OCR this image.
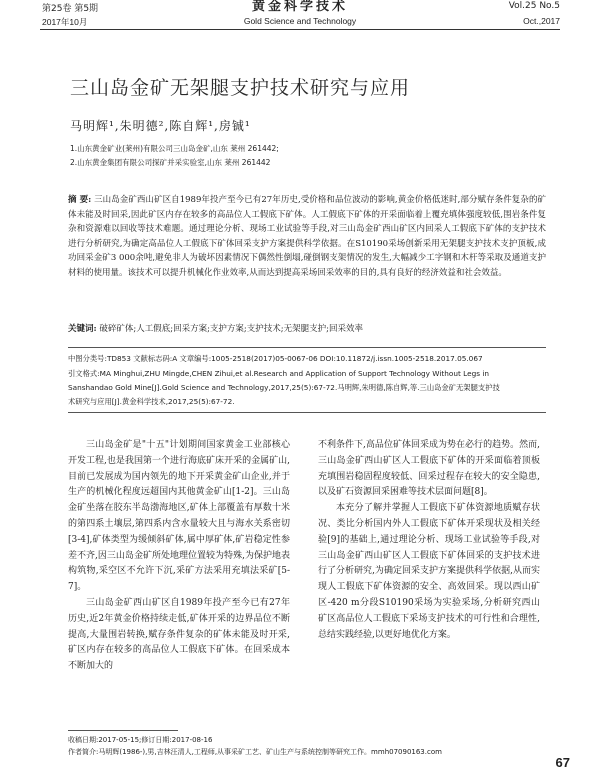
第25卷 第5期	黄金科学技术	Vol.25 No.5
2017年10月	Gold Science and Technology	Oct.,2017
三山岛金矿无架腿支护技术研究与应用
马明辉¹,朱明德²,陈自辉¹,房铖¹
1.山东黄金矿业(莱州)有限公司三山岛金矿,山东 莱州 261442;
2.山东黄金集团有限公司探矿并采实验室,山东 莱州 261442
摘 要: 三山岛金矿西山矿区自1989年投产至今已有27年历史,受价格和品位波动的影响,黄金价格低迷时,部分赋存条件复杂的矿体未能及时回采,因此矿区内存在较多的高品位人工假底下矿体。人工假底下矿体的开采面临着上覆充填体强度较低,围岩条件复杂和资源难以回收等技术难题。通过理论分析、现场工业试验等手段,对三山岛金矿西山矿区内回采人工假底下矿体的支护技术进行分析研究,为确定高品位人工假底下矿体回采支护方案提供科学依据。在S10190采场创新采用无架腿支护技术支护顶板,成功回采金矿3 000余吨,避免非人为破坏因素情况下偶然性倒塌,碰倒钢支架情况的发生,大幅减少工字钢和木杆等采取及通道支护材料的使用量。该技术可以提升机械化作业效率,从而达到提高采场回采效率的目的,具有良好的经济效益和社会效益。
关键词: 破碎矿体;人工假底;回采方案;支护方案;支护技术;无架腿支护;回采效率
中图分类号:TD853 文献标志码:A 文章编号:1005-2518(2017)05-0067-06 DOI:10.11872/j.issn.1005-2518.2017.05.067
引文格式:MA Minghui,ZHU Mingde,CHEN Zihui,et al.Research and Application of Support Technology Without Legs in
Sanshandao Gold Mine[J].Gold Science and Technology,2017,25(5):67-72.马明辉,朱明德,陈自辉,等.三山岛金矿无架腿支护技
术研究与应用[J].黄金科学技术,2017,25(5):67-72.

三山岛金矿是"十五"计划期间国家黄金工业部核心开发工程,也是我国第一个进行海底矿床开采的金属矿山,目前已发展成为国内领先的地下开采黄金矿山企业,并于生产的机械化程度远超国内其他黄金矿山[1-2]。三山岛金矿坐落在胶东半岛渤海地区,矿体上部覆盖有厚数十米的第四系土壤层,第四系内含水量较大且与海水关系密切[3-4],矿体类型为缓倾斜矿体,属中厚矿体,矿岩稳定性参差不齐,因三山岛金矿所处地理位置较为特殊,为保护地表构筑物,采空区不允许下沉,采矿方法采用充填法采矿[5-7]。

三山岛金矿西山矿区自1989年投产至今已有27年历史,近2年黄金价格持续走低,矿体开采的边界品位不断提高,大量围岩转换,赋存条件复杂的矿体未能及时开采,矿区内存在较多的高品位人工假底下矿体。在回采成本不断加大的

不利条件下,高品位矿体回采成为势在必行的趋势。然而,三山岛金矿西山矿区人工假底下矿体的开采面临着顶板充填围岩稳固程度较低、回采过程存在较大的安全隐患,以及矿石资源回采困难等技术层面问题[8]。

本充分了解并掌握人工假底下矿体资源地质赋存状况、类比分析国内外人工假底下矿体开采现状及相关经验[9]的基础上,通过理论分析、现场工业试验等手段,对三山岛金矿西山矿区人工假底下矿体回采的支护技术进行了分析研究,为确定回采支护方案提供科学依据,从而实现人工假底下矿体资源的安全、高效回采。现以西山矿区-420 m分段S10190采场为实验采场,分析研究西山矿区高品位人工假底下采场支护技术的可行性和合理性,总结实践经验,以更好地优化方案。

收稿日期:2017-05-15;修订日期:2017-08-16
作者简介:马明辉(1986-),男,吉林汪清人,工程师,从事采矿工艺、矿山生产与系统控制等研究工作。mmh07090163.com
67
